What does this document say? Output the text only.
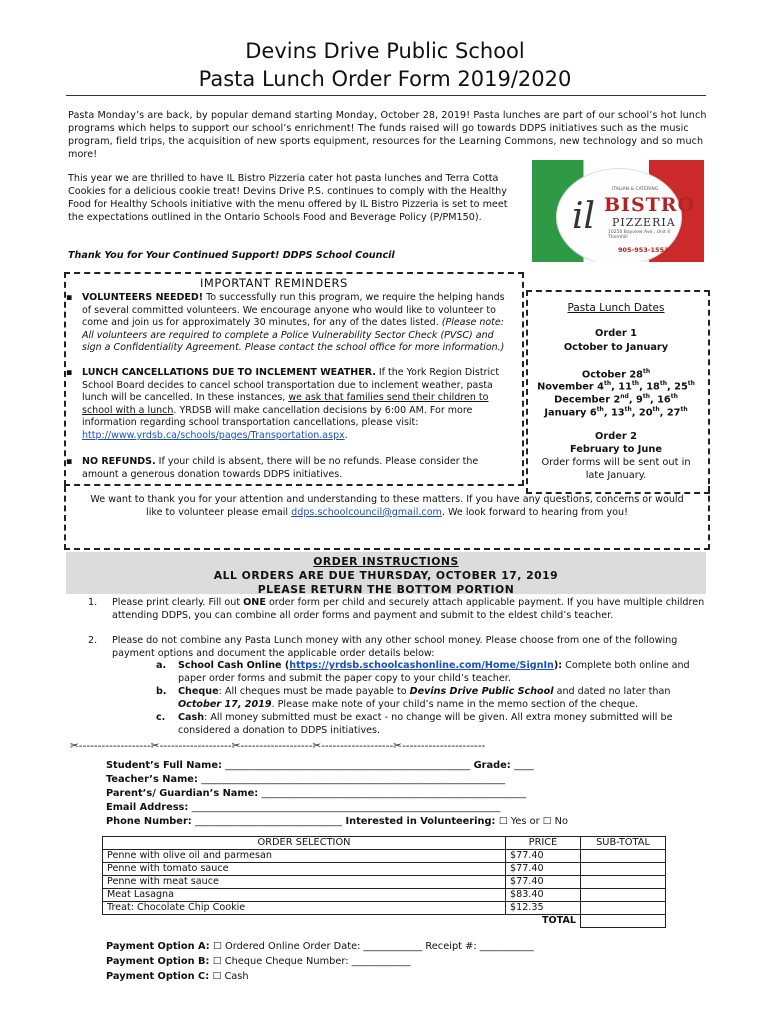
Devins Drive Public School
Pasta Lunch Order Form 2019/2020
Pasta Monday’s are back, by popular demand starting Monday, October 28, 2019! Pasta lunches are part of our school’s hot lunch programs which helps to support our school’s enrichment! The funds raised will go towards DDPS initiatives such as the music program, field trips, the acquisition of new sports equipment, resources for the Learning Commons, new technology and so much more!
This year we are thrilled to have IL Bistro Pizzeria cater hot pasta lunches and Terra Cotta Cookies for a delicious cookie treat! Devins Drive P.S. continues to comply with the Healthy Food for Healthy Schools initiative with the menu offered by IL Bistro Pizzeria is set to meet the expectations outlined in the Ontario Schools Food and Beverage Policy (P/PM150).
Thank You for Your Continued Support! DDPS School Council
ITALIAN & CATERING
il BISTRO
PIZZERIA
10250 Bayview Ave., Unit 4 Thornhill
905-953-1553
IMPORTANT REMINDERS
▪ VOLUNTEERS NEEDED! To successfully run this program, we require the helping hands of several committed volunteers. We encourage anyone who would like to volunteer to come and join us for approximately 30 minutes, for any of the dates listed. (Please note: All volunteers are required to complete a Police Vulnerability Sector Check (PVSC) and sign a Confidentiality Agreement. Please contact the school office for more information.)
▪ LUNCH CANCELLATIONS DUE TO INCLEMENT WEATHER. If the York Region District School Board decides to cancel school transportation due to inclement weather, pasta lunch will be cancelled. In these instances, we ask that families send their children to school with a lunch. YRDSB will make cancellation decisions by 6:00 AM. For more information regarding school transportation cancellations, please visit: http://www.yrdsb.ca/schools/pages/Transportation.aspx.
▪ NO REFUNDS. If your child is absent, there will be no refunds. Please consider the amount a generous donation towards DDPS initiatives.
We want to thank you for your attention and understanding to these matters. If you have any questions, concerns or would like to volunteer please email ddps.schoolcouncil@gmail.com. We look forward to hearing from you!
Pasta Lunch Dates
Order 1
October to January
October 28th
November 4th, 11th, 18th, 25th
December 2nd, 9th, 16th
January 6th, 13th, 20th, 27th
Order 2
February to June
Order forms will be sent out in late January.
ORDER INSTRUCTIONS
ALL ORDERS ARE DUE THURSDAY, OCTOBER 17, 2019
PLEASE RETURN THE BOTTOM PORTION
1. Please print clearly. Fill out ONE order form per child and securely attach applicable payment. If you have multiple children attending DDPS, you can combine all order forms and payment and submit to the eldest child’s teacher.
2. Please do not combine any Pasta Lunch money with any other school money. Please choose from one of the following payment options and document the applicable order details below:
a. School Cash Online (https://yrdsb.schoolcashonline.com/Home/SignIn): Complete both online and paper order forms and submit the paper copy to your child’s teacher.
b. Cheque: All cheques must be made payable to Devins Drive Public School and dated no later than October 17, 2019. Please make note of your child’s name in the memo section of the cheque.
c. Cash: All money submitted must be exact - no change will be given. All extra money submitted will be considered a donation to DDPS initiatives.
✂-------------------✂-------------------✂-------------------✂-------------------✂----------------------
Student’s Full Name: __________________________________________________ Grade: ____
Teacher’s Name: ______________________________________________________________
Parent’s/ Guardian’s Name: ______________________________________________________
Email Address: _______________________________________________________________
Phone Number: ______________________________ Interested in Volunteering: ☐ Yes or ☐ No
ORDER SELECTION	PRICE	SUB-TOTAL
Penne with olive oil and parmesan	$77.40	
Penne with tomato sauce	$77.40	
Penne with meat sauce	$77.40	
Meat Lasagna	$83.40	
Treat: Chocolate Chip Cookie	$12.35	
	TOTAL	
Payment Option A: ☐ Ordered Online Order Date: ____________ Receipt #: ___________
Payment Option B: ☐ Cheque Cheque Number: ____________
Payment Option C: ☐ Cash
